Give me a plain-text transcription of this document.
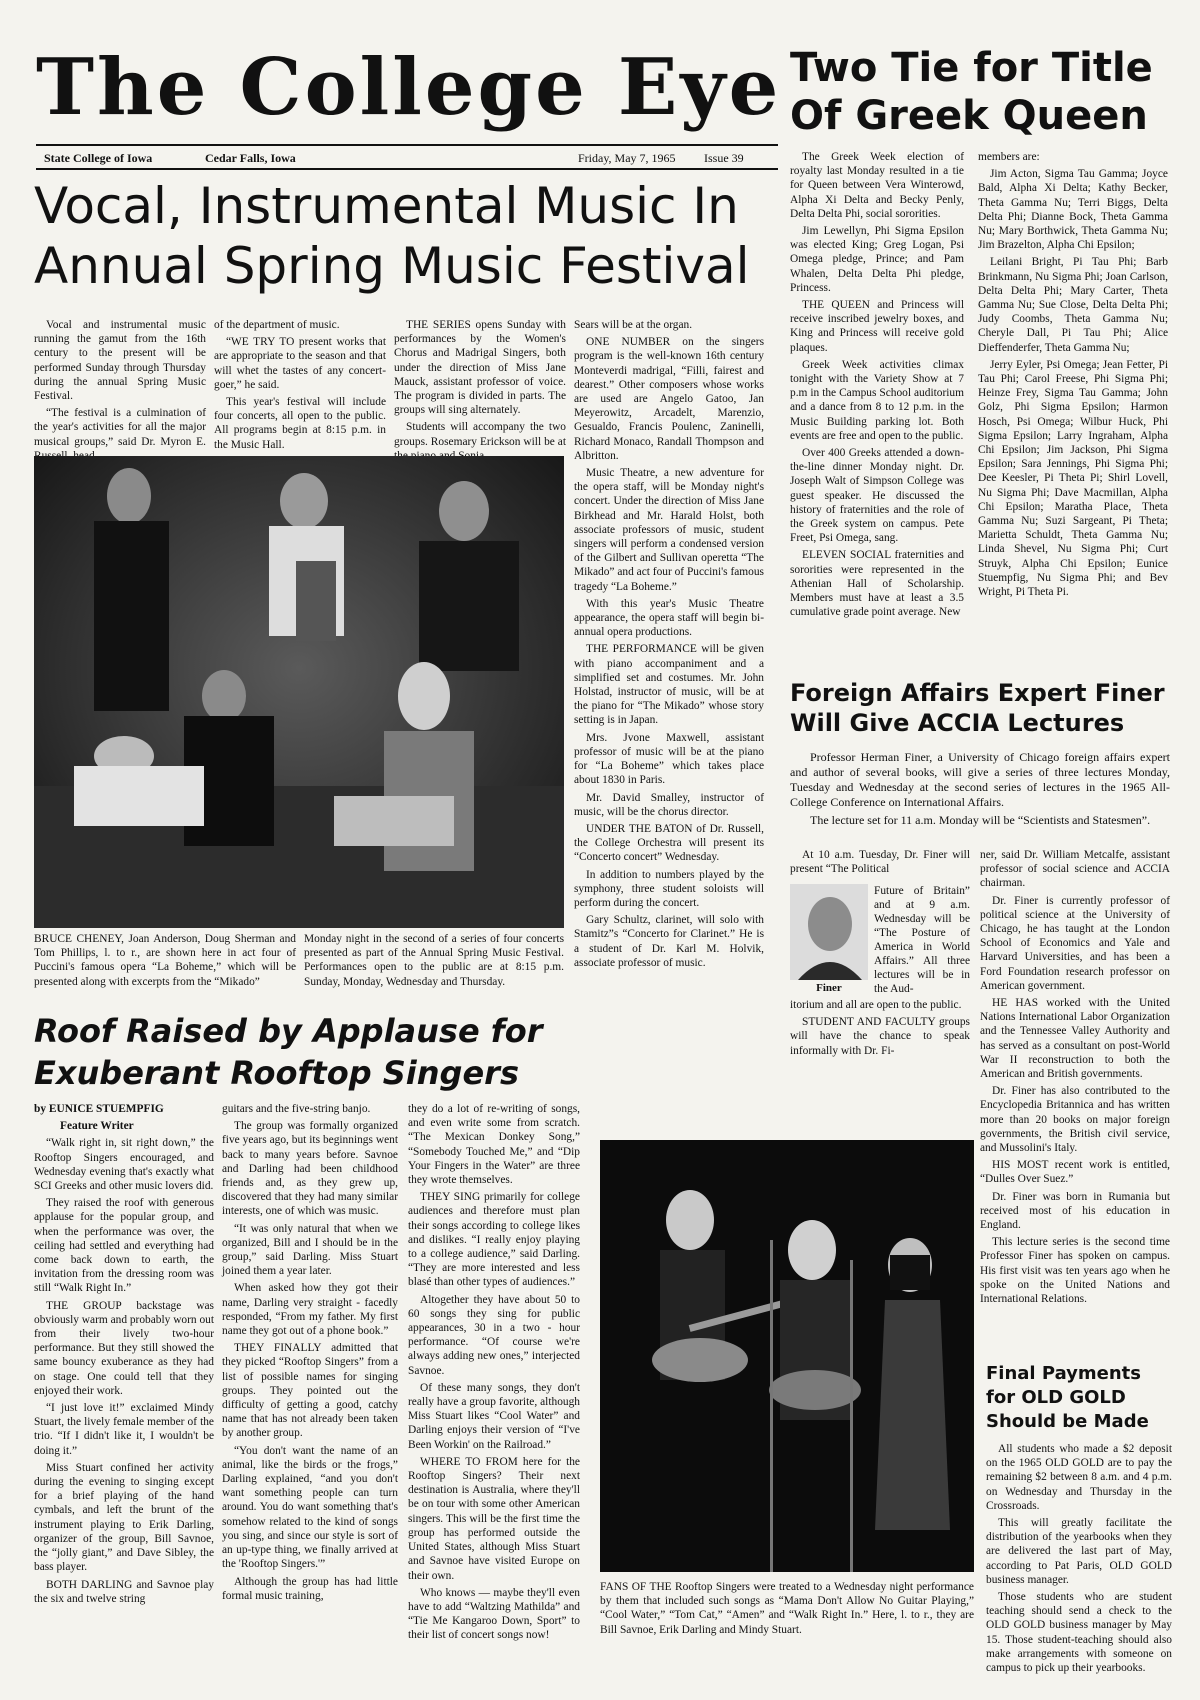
The College Eye
State College of Iowa	Cedar Falls, Iowa	Friday, May 7, 1965 Issue 39
Two Tie for Title Of Greek Queen

The Greek Week election of royalty last Monday resulted in a tie for Queen between Vera Winterowd, Alpha Xi Delta and Becky Penly, Delta Delta Phi, social sororities.

Jim Lewellyn, Phi Sigma Epsilon was elected King; Greg Logan, Psi Omega pledge, Prince; and Pam Whalen, Delta Delta Phi pledge, Princess.

THE QUEEN and Princess will receive inscribed jewelry boxes, and King and Princess will receive gold plaques.

Greek Week activities climax tonight with the Variety Show at 7 p.m in the Campus School auditorium and a dance from 8 to 12 p.m. in the Music Building parking lot. Both events are free and open to the public.

Over 400 Greeks attended a down-the-line dinner Monday night. Dr. Joseph Walt of Simpson College was guest speaker. He discussed the history of fraternities and the role of the Greek system on campus. Pete Freet, Psi Omega, sang.

ELEVEN SOCIAL fraternities and sororities were represented in the Athenian Hall of Scholarship. Members must have at least a 3.5 cumulative grade point average. New

members are:

Jim Acton, Sigma Tau Gamma; Joyce Bald, Alpha Xi Delta; Kathy Becker, Theta Gamma Nu; Terri Biggs, Delta Delta Phi; Dianne Bock, Theta Gamma Nu; Mary Borthwick, Theta Gamma Nu; Jim Brazelton, Alpha Chi Epsilon;

Leilani Bright, Pi Tau Phi; Barb Brinkmann, Nu Sigma Phi; Joan Carlson, Delta Delta Phi; Mary Carter, Theta Gamma Nu; Sue Close, Delta Delta Phi; Judy Coombs, Theta Gamma Nu; Cheryle Dall, Pi Tau Phi; Alice Dieffenderfer, Theta Gamma Nu;

Jerry Eyler, Psi Omega; Jean Fetter, Pi Tau Phi; Carol Freese, Phi Sigma Phi; Heinze Frey, Sigma Tau Gamma; John Golz, Phi Sigma Epsilon; Harmon Hosch, Psi Omega; Wilbur Huck, Phi Sigma Epsilon; Larry Ingraham, Alpha Chi Epsilon; Jim Jackson, Phi Sigma Epsilon; Sara Jennings, Phi Sigma Phi; Dee Keesler, Pi Theta Pi; Shirl Lovell, Nu Sigma Phi; Dave Macmillan, Alpha Chi Epsilon; Maratha Place, Theta Gamma Nu; Suzi Sargeant, Pi Theta; Marietta Schuldt, Theta Gamma Nu; Linda Shevel, Nu Sigma Phi; Curt Struyk, Alpha Chi Epsilon; Eunice Stuempfig, Nu Sigma Phi; and Bev Wright, Pi Theta Pi.

Vocal, Instrumental Music In
Annual Spring Music Festival

Vocal and instrumental music running the gamut from the 16th century to the present will be performed Sunday through Thursday during the annual Spring Music Festival.

“The festival is a culmination of the year's activities for all the major musical groups,” said Dr. Myron E.

of the department of music.

“WE TRY TO present works that are appropriate to the season and that will whet the tastes of any concert-goer,” he said.

This year's festival will include four concerts, all open to the public. All programs begin at 8:15 p.m. in the Music Hall.

THE SERIES opens Sunday with performances by the Women's Chorus and Madrigal Singers, both under the direction of Miss Jane Mauck, assistant professor of voice. The program is divided in parts. The groups will sing alternately.

Students will accompany the two groups. Rosemary Erickson will be at

Sears will be at the organ.

ONE NUMBER on the singers program is the well-known 16th century Monteverdi madrigal, “Filli, fairest and dearest.” Other composers whose works are used are Angelo Gatoo, Jan Meyerowitz, Arcadelt, Marenzio, Gesualdo, Francis Poulenc, Zaninelli, Richard Monaco, Randall Thompson and Albritton.

Music Theatre, a new adventure for the opera staff, will be Monday night's concert. Under the direction of Miss Jane Birkhead and Mr. Harald Holst, both associate professors of music, student singers will perform a condensed version of the Gilbert and Sullivan operetta “The Mikado” and act four of Puccini's famous tragedy “La Boheme.”

With this year's Music Theatre appearance, the opera staff will begin bi-annual opera productions.

THE PERFORMANCE will be given with piano accompaniment and a simplified set and costumes. Mr. John Holstad, instructor of music, will be at the piano for “The Mikado” whose story setting is in Japan.

Mrs. Jvone Maxwell, assistant professor of music will be at the piano for “La Boheme” which takes place about 1830 in Paris.

Mr. David Smalley, instructor of music, will be the chorus director.

UNDER THE BATON of Dr. Russell, the College Orchestra will present its “Concerto concert” Wednesday.

In addition to numbers played by the symphony, three student soloists will perform during the concert.

Gary Schultz, clarinet, will solo with Stamitz”s “Concerto for Clarinet.” He is a student of Dr. Karl M. Holvik, associate professor of music.

BRUCE CHENEY, Joan Anderson, Doug Sherman and Tom Phillips, l. to r., are shown here in act four of Puccini's famous opera “La Boheme,” which will be presented along with excerpts from the “Mikado”
Monday night in the second of a series of four concerts presented as part of the Annual Spring Music Festival. Performances open to the public are at 8:15 p.m. Sunday, Monday, Wednesday and Thursday.
Roof Raised by Applause for
Exuberant Rooftop Singers

by EUNICE STUEMPFIG

Feature Writer

“Walk right in, sit right down,” the Rooftop Singers encouraged, and Wednesday evening that's exactly what SCI Greeks and other music lovers did.

They raised the roof with generous applause for the popular group, and when the performance was over, the ceiling had settled and everything had come back down to earth, the invitation from the dressing room was still “Walk Right In.”

THE GROUP backstage was obviously warm and probably worn out from their lively two-hour performance. But they still showed the same bouncy exuberance as they had on stage. One could tell that they enjoyed their work.

“I just love it!” exclaimed Mindy Stuart, the lively female member of the trio. “If I didn't like it, I wouldn't be doing it.”

Miss Stuart confined her activity during the evening to singing except for a brief playing of the hand cymbals, and left the brunt of the instrument playing to Erik Darling, organizer of the group, Bill Savnoe, the “jolly giant,” and Dave Sibley, the bass player.

BOTH DARLING and Savnoe play the six and twelve string

guitars and the five-string banjo.

The group was formally organized five years ago, but its beginnings went back to many years before. Savnoe and Darling had been childhood friends and, as they grew up, discovered that they had many similar interests, one of which was music.

“It was only natural that when we organized, Bill and I should be in the group,” said Darling. Miss Stuart joined them a year later.

When asked how they got their name, Darling very straight - facedly responded, “From my father. My first name they got out of a phone book.”

THEY FINALLY admitted that they picked “Rooftop Singers” from a list of possible names for singing groups. They pointed out the difficulty of getting a good, catchy name that has not already been taken by another group.

“You don't want the name of an animal, like the birds or the frogs,” Darling explained, “and you don't want something people can turn around. You do want something that's somehow related to the kind of songs you sing, and since our style is sort of an up-type thing, we finally arrived at the 'Rooftop Singers.'”

Although the group has had little formal music training,

they do a lot of re-writing of songs, and even write some from scratch. “The Mexican Donkey Song,” “Somebody Touched Me,” and “Dip Your Fingers in the Water” are three they wrote themselves.

THEY SING primarily for college audiences and therefore must plan their songs according to college likes and dislikes. “I really enjoy playing to a college audience,” said Darling. “They are more interested and less blasé than other types of audiences.”

Altogether they have about 50 to 60 songs they sing for public appearances, 30 in a two - hour performance. “Of course we're always adding new ones,” interjected Savnoe.

Of these many songs, they don't really have a group favorite, although Miss Stuart likes “Cool Water” and Darling enjoys their version of “I've Been Workin' on the Railroad.”

WHERE TO FROM here for the Rooftop Singers? Their next destination is Australia, where they'll be on tour with some other American singers. This will be the first time the group has performed outside the United States, although Miss Stuart and Savnoe have visited Europe on their own.

Who knows — maybe they'll even have to add “Waltzing Mathilda” and “Tie Me Kangaroo Down, Sport” to their list of concert songs now!

FANS OF THE Rooftop Singers were treated to a Wednesday night performance by them that included such songs as “Mama Don't Allow No Guitar Playing,” “Cool Water,” “Tom Cat,” “Amen” and “Walk Right In.” Here, l. to r., they are Bill Savnoe, Erik Darling and Mindy Stuart.
Foreign Affairs Expert Finer
Will Give ACCIA Lectures

Professor Herman Finer, a University of Chicago foreign affairs expert and author of several books, will give a series of three lectures Monday, Tuesday and Wednesday at the second series of lectures in the 1965 All-College Conference on International Affairs.

The lecture set for 11 a.m. Monday will be “Scientists and Statesmen”.

At 10 a.m. Tuesday, Dr. Finer will present “The Political

Finer

Future of Britain” and at 9 a.m. Wednesday will be “The Posture of America in World Affairs.” All three lectures will be in the Aud-

itorium and all are open to the public.

STUDENT AND FACULTY groups will have the chance to speak informally with Dr. Fi-

ner, said Dr. William Metcalfe, assistant professor of social science and ACCIA chairman.

Dr. Finer is currently professor of political science at the University of Chicago, he has taught at the London School of Economics and Yale and Harvard Universities, and has been a Ford Foundation research professor on American government.

HE HAS worked with the United Nations International Labor Organization and the Tennessee Valley Authority and has served as a consultant on post-World War II reconstruction to both the American and British governments.

Dr. Finer has also contributed to the Encyclopedia Britannica and has written more than 20 books on major foreign governments, the British civil service, and Mussolini's Italy.

HIS MOST recent work is entitled, “Dulles Over Suez.”

Dr. Finer was born in Rumania but received most of his education in England.

This lecture series is the second time Professor Finer has spoken on campus. His first visit was ten years ago when he spoke on the United Nations and International Relations.

Final Payments
for OLD GOLD
Should be Made

All students who made a $2 deposit on the 1965 OLD GOLD are to pay the remaining $2 between 8 a.m. and 4 p.m. on Wednesday and Thursday in the Crossroads.

This will greatly facilitate the distribution of the yearbooks when they are delivered the last part of May, according to Pat Paris, OLD GOLD business manager.

Those students who are student teaching should send a check to the OLD GOLD business manager by May 15. Those student-teaching should also make arrangements with someone on campus to pick up their yearbooks.
